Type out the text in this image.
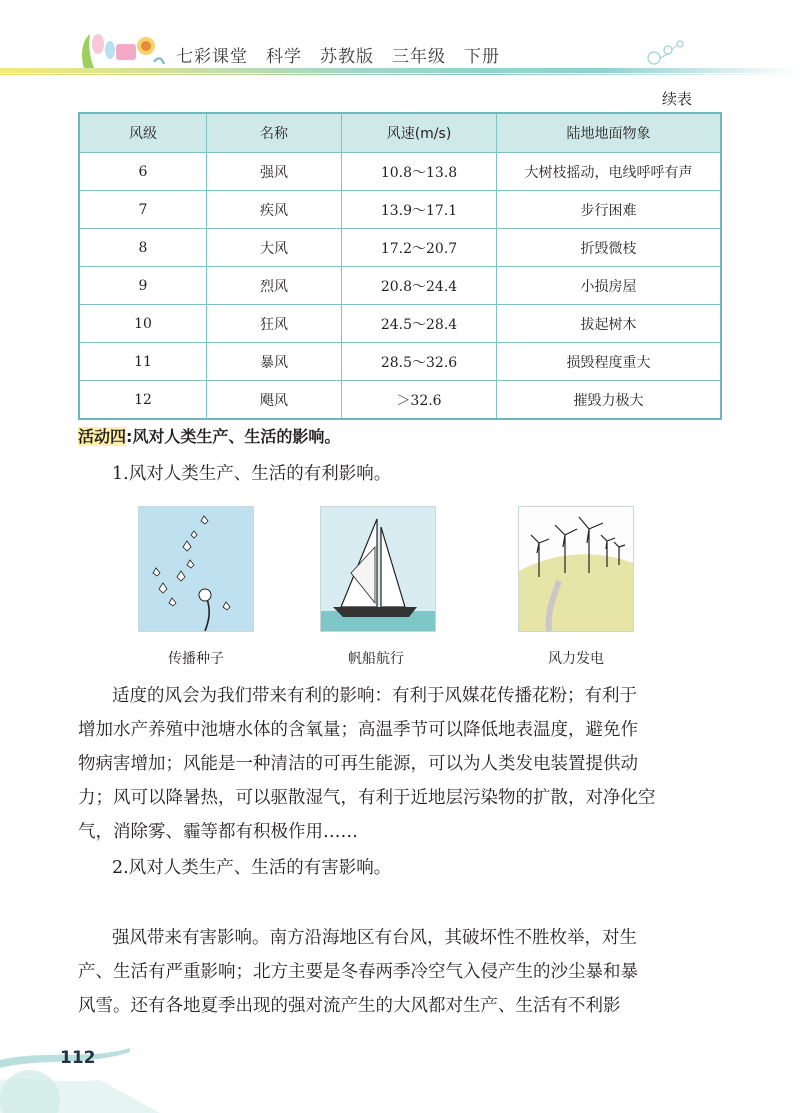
七彩课堂 科学 苏教版 三年级 下册
续表
风级	名称	风速(m/s)	陆地地面物象
6	强风	10.8～13.8	大树枝摇动，电线呼呼有声
7	疾风	13.9～17.1	步行困难
8	大风	17.2～20.7	折毁微枝
9	烈风	20.8～24.4	小损房屋
10	狂风	24.5～28.4	拔起树木
11	暴风	28.5～32.6	损毁程度重大
12	飓风	＞32.6	摧毁力极大
活动四:风对人类生产、生活的影响。
1.风对人类生产、生活的有利影响。
传播种子	帆船航行	风力发电
适度的风会为我们带来有利的影响：有利于风媒花传播花粉；有利于
增加水产养殖中池塘水体的含氧量；高温季节可以降低地表温度，避免作
物病害增加；风能是一种清洁的可再生能源，可以为人类发电装置提供动
力；风可以降暑热，可以驱散湿气，有利于近地层污染物的扩散，对净化空
气，消除雾、霾等都有积极作用……
2.风对人类生产、生活的有害影响。
强风带来有害影响。南方沿海地区有台风，其破坏性不胜枚举，对生
产、生活有严重影响；北方主要是冬春两季冷空气入侵产生的沙尘暴和暴
风雪。还有各地夏季出现的强对流产生的大风都对生产、生活有不利影
112
